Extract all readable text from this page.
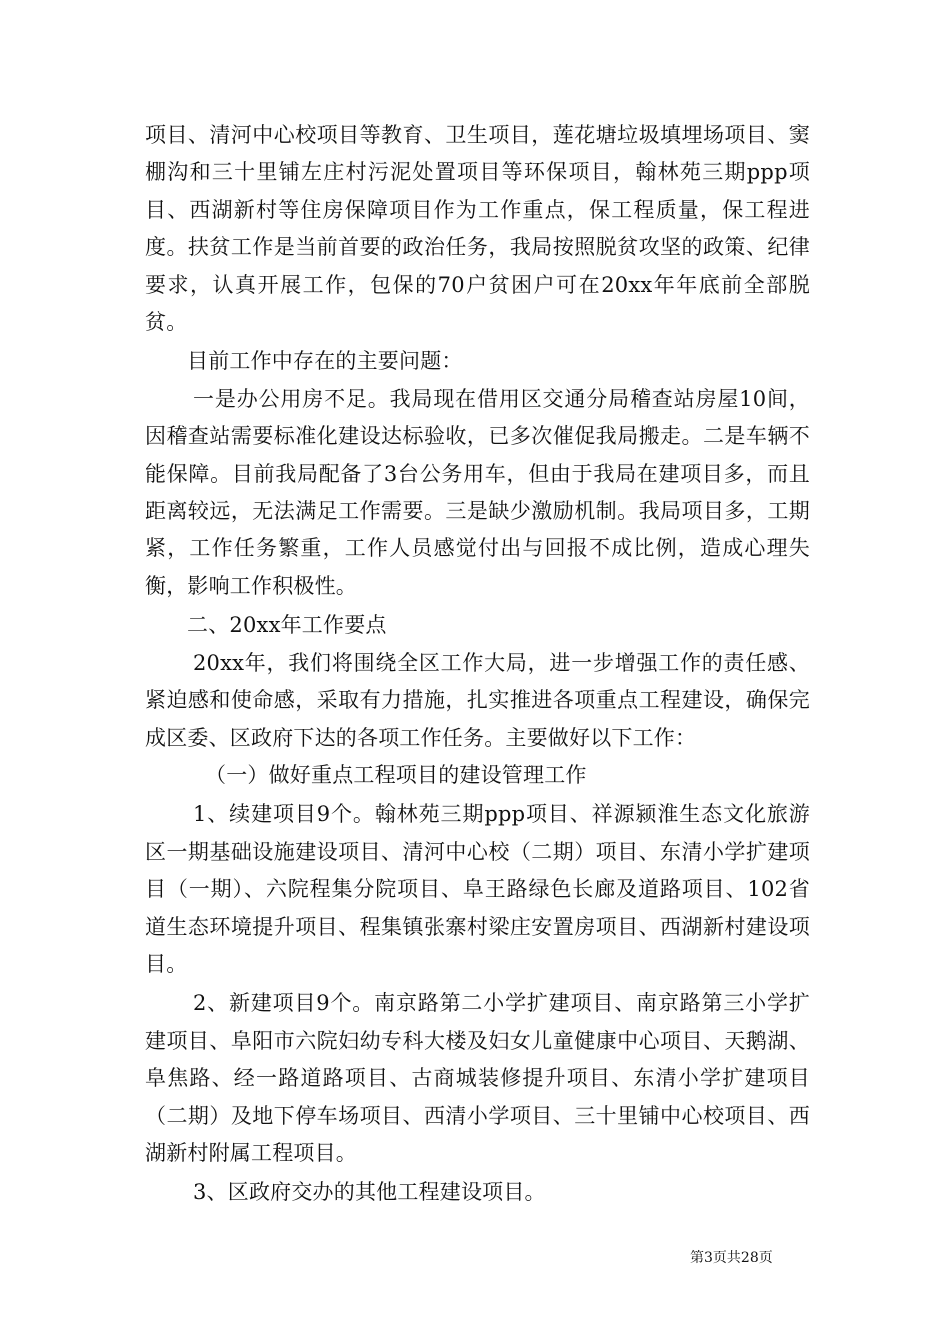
项目、清河中心校项目等教育、卫生项目，莲花塘垃圾填埋场项目、窦棚沟和三十里铺左庄村污泥处置项目等环保项目，翰林苑三期ppp项目、西湖新村等住房保障项目作为工作重点，保工程质量，保工程进度。扶贫工作是当前首要的政治任务，我局按照脱贫攻坚的政策、纪律要求，认真开展工作，包保的70户贫困户可在20xx年年底前全部脱贫。

目前工作中存在的主要问题：

一是办公用房不足。我局现在借用区交通分局稽查站房屋10间，因稽查站需要标准化建设达标验收，已多次催促我局搬走。二是车辆不能保障。目前我局配备了3台公务用车，但由于我局在建项目多，而且距离较远，无法满足工作需要。三是缺少激励机制。我局项目多，工期紧，工作任务繁重，工作人员感觉付出与回报不成比例，造成心理失衡，影响工作积极性。

二、20xx年工作要点

20xx年，我们将围绕全区工作大局，进一步增强工作的责任感、紧迫感和使命感，采取有力措施，扎实推进各项重点工程建设，确保完成区委、区政府下达的各项工作任务。主要做好以下工作：

（一）做好重点工程项目的建设管理工作

1、续建项目9个。翰林苑三期ppp项目、祥源颍淮生态文化旅游区一期基础设施建设项目、清河中心校（二期）项目、东清小学扩建项目（一期）、六院程集分院项目、阜王路绿色长廊及道路项目、102省道生态环境提升项目、程集镇张寨村梁庄安置房项目、西湖新村建设项目。

2、新建项目9个。南京路第二小学扩建项目、南京路第三小学扩建项目、阜阳市六院妇幼专科大楼及妇女儿童健康中心项目、天鹅湖、阜焦路、经一路道路项目、古商城装修提升项目、东清小学扩建项目（二期）及地下停车场项目、西清小学项目、三十里铺中心校项目、西湖新村附属工程项目。

3、区政府交办的其他工程建设项目。

第3页共28页
